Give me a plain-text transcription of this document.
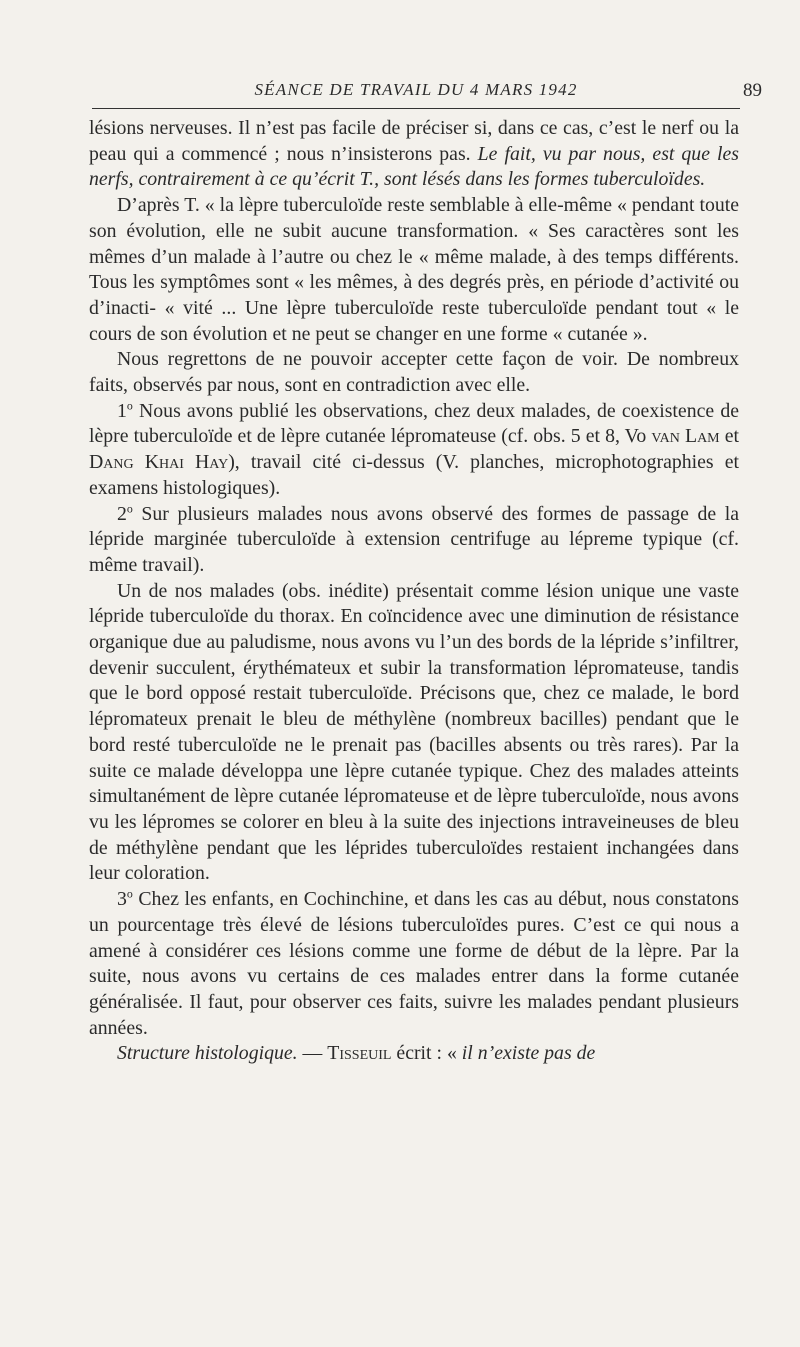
SÉANCE DE TRAVAIL DU 4 MARS 1942	89

lésions nerveuses. Il n’est pas facile de préciser si, dans ce cas, c’est le nerf ou la peau qui a commencé ; nous n’insisterons pas. Le fait, vu par nous, est que les nerfs, contrairement à ce qu’écrit T., sont lésés dans les formes tuberculoïdes.

D’après T. « la lèpre tuberculoïde reste semblable à elle-même « pendant toute son évolution, elle ne subit aucune transformation. « Ses caractères sont les mêmes d’un malade à l’autre ou chez le « même malade, à des temps différents. Tous les symptômes sont « les mêmes, à des degrés près, en période d’activité ou d’inacti- « vité ... Une lèpre tuberculoïde reste tuberculoïde pendant tout « le cours de son évolution et ne peut se changer en une forme « cutanée ».

Nous regrettons de ne pouvoir accepter cette façon de voir. De nombreux faits, observés par nous, sont en contradiction avec elle.

1$^o$ Nous avons publié les observations, chez deux malades, de coexistence de lèpre tuberculoïde et de lèpre cutanée lépromateuse (cf. obs. 5 et 8, Vo van Lam et Dang Khai Hay), travail cité ci-dessus (V. planches, microphotographies et examens histologiques).

2$^o$ Sur plusieurs malades nous avons observé des formes de passage de la lépride marginée tuberculoïde à extension centrifuge au lépreme typique (cf. même travail).

Un de nos malades (obs. inédite) présentait comme lésion unique une vaste lépride tuberculoïde du thorax. En coïncidence avec une diminution de résistance organique due au paludisme, nous avons vu l’un des bords de la lépride s’infiltrer, devenir succulent, érythémateux et subir la transformation lépromateuse, tandis que le bord opposé restait tuberculoïde. Précisons que, chez ce malade, le bord lépromateux prenait le bleu de méthylène (nombreux bacilles) pendant que le bord resté tuberculoïde ne le prenait pas (bacilles absents ou très rares). Par la suite ce malade développa une lèpre cutanée typique. Chez des malades atteints simultanément de lèpre cutanée lépromateuse et de lèpre tuberculoïde, nous avons vu les lépromes se colorer en bleu à la suite des injections intraveineuses de bleu de méthylène pendant que les léprides tuberculoïdes restaient inchangées dans leur coloration.

3$^o$ Chez les enfants, en Cochinchine, et dans les cas au début, nous constatons un pourcentage très élevé de lésions tuberculoïdes pures. C’est ce qui nous a amené à considérer ces lésions comme une forme de début de la lèpre. Par la suite, nous avons vu certains de ces malades entrer dans la forme cutanée généralisée. Il faut, pour observer ces faits, suivre les malades pendant plusieurs années.

Structure histologique. — Tisseuil écrit : « il n’existe pas de
